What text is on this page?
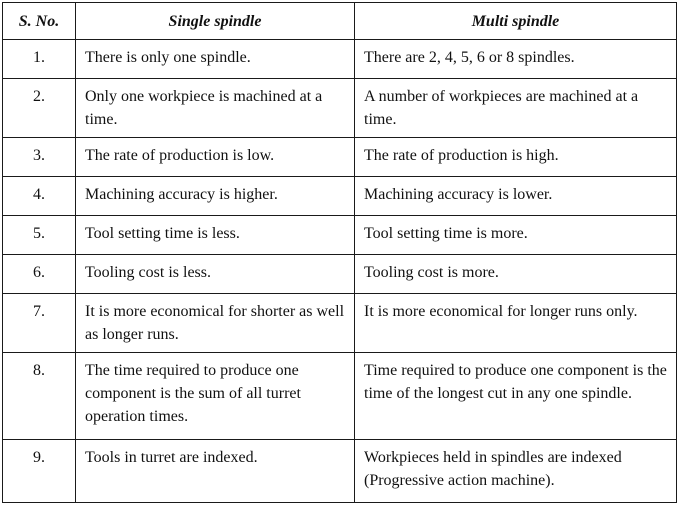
S. No.	Single spindle	Multi spindle
1.	There is only one spindle.	There are 2, 4, 5, 6 or 8 spindles.
2.	Only one workpiece is machined at a time.	A number of workpieces are machined at a time.
3.	The rate of production is low.	The rate of production is high.
4.	Machining accuracy is higher.	Machining accuracy is lower.
5.	Tool setting time is less.	Tool setting time is more.
6.	Tooling cost is less.	Tooling cost is more.
7.	It is more economical for shorter as well as longer runs.	It is more economical for longer runs only.
8.	The time required to produce one component is the sum of all turret operation times.	Time required to produce one component is the time of the longest cut in any one spindle.
9.	Tools in turret are indexed.	Workpieces held in spindles are indexed (Progressive action machine).
